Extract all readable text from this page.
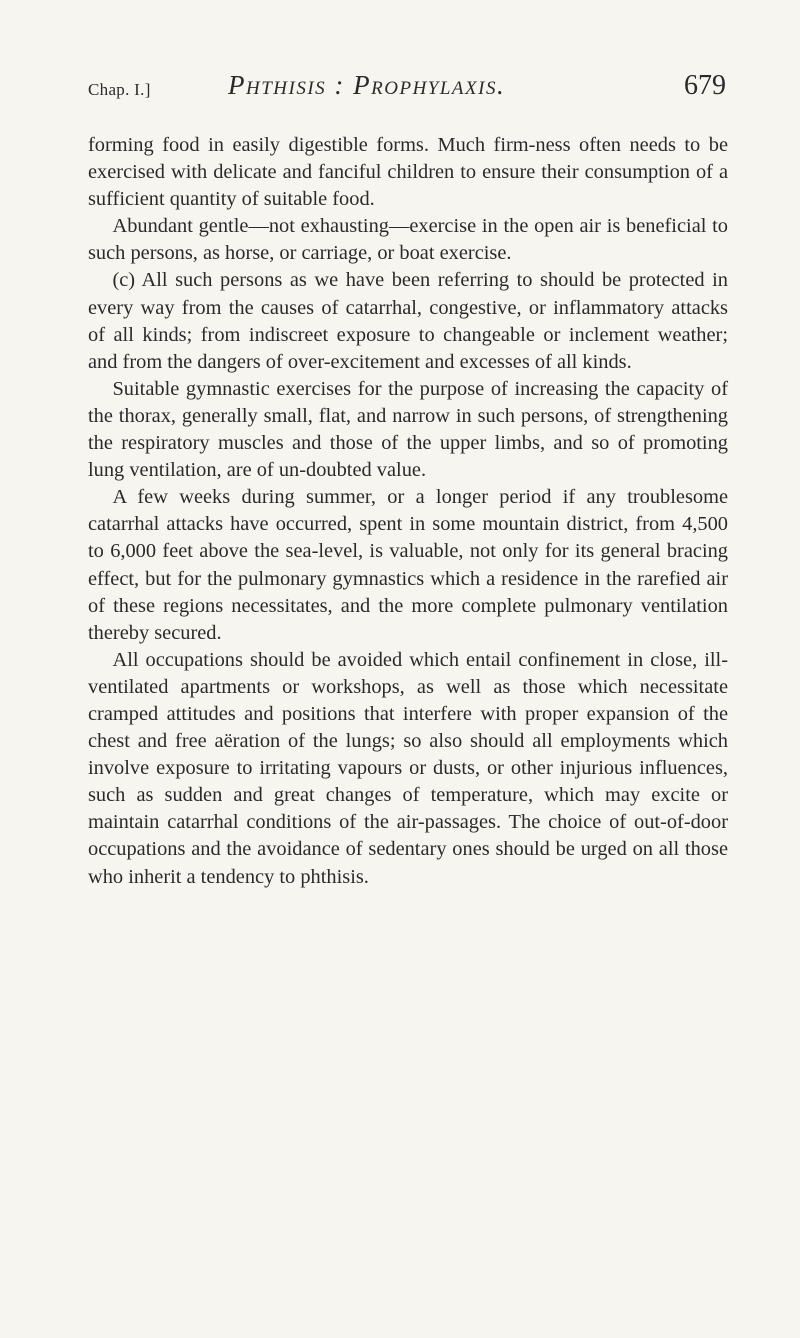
Chap. I.]	Phthisis : Prophylaxis.	679

forming food in easily digestible forms. Much firm-ness often needs to be exercised with delicate and fanciful children to ensure their consumption of a sufficient quantity of suitable food.

Abundant gentle—not exhausting—exercise in the open air is beneficial to such persons, as horse, or carriage, or boat exercise.

(c) All such persons as we have been referring to should be protected in every way from the causes of catarrhal, congestive, or inflammatory attacks of all kinds; from indiscreet exposure to changeable or inclement weather; and from the dangers of over-excitement and excesses of all kinds.

Suitable gymnastic exercises for the purpose of increasing the capacity of the thorax, generally small, flat, and narrow in such persons, of strengthening the respiratory muscles and those of the upper limbs, and so of promoting lung ventilation, are of un-doubted value.

A few weeks during summer, or a longer period if any troublesome catarrhal attacks have occurred, spent in some mountain district, from 4,500 to 6,000 feet above the sea-level, is valuable, not only for its general bracing effect, but for the pulmonary gymnastics which a residence in the rarefied air of these regions necessitates, and the more complete pulmonary ventilation thereby secured.

All occupations should be avoided which entail confinement in close, ill-ventilated apartments or workshops, as well as those which necessitate cramped attitudes and positions that interfere with proper expansion of the chest and free aëration of the lungs; so also should all employments which involve exposure to irritating vapours or dusts, or other injurious influences, such as sudden and great changes of temperature, which may excite or maintain catarrhal conditions of the air-passages. The choice of out-of-door occupations and the avoidance of sedentary ones should be urged on all those who inherit a tendency to phthisis.
